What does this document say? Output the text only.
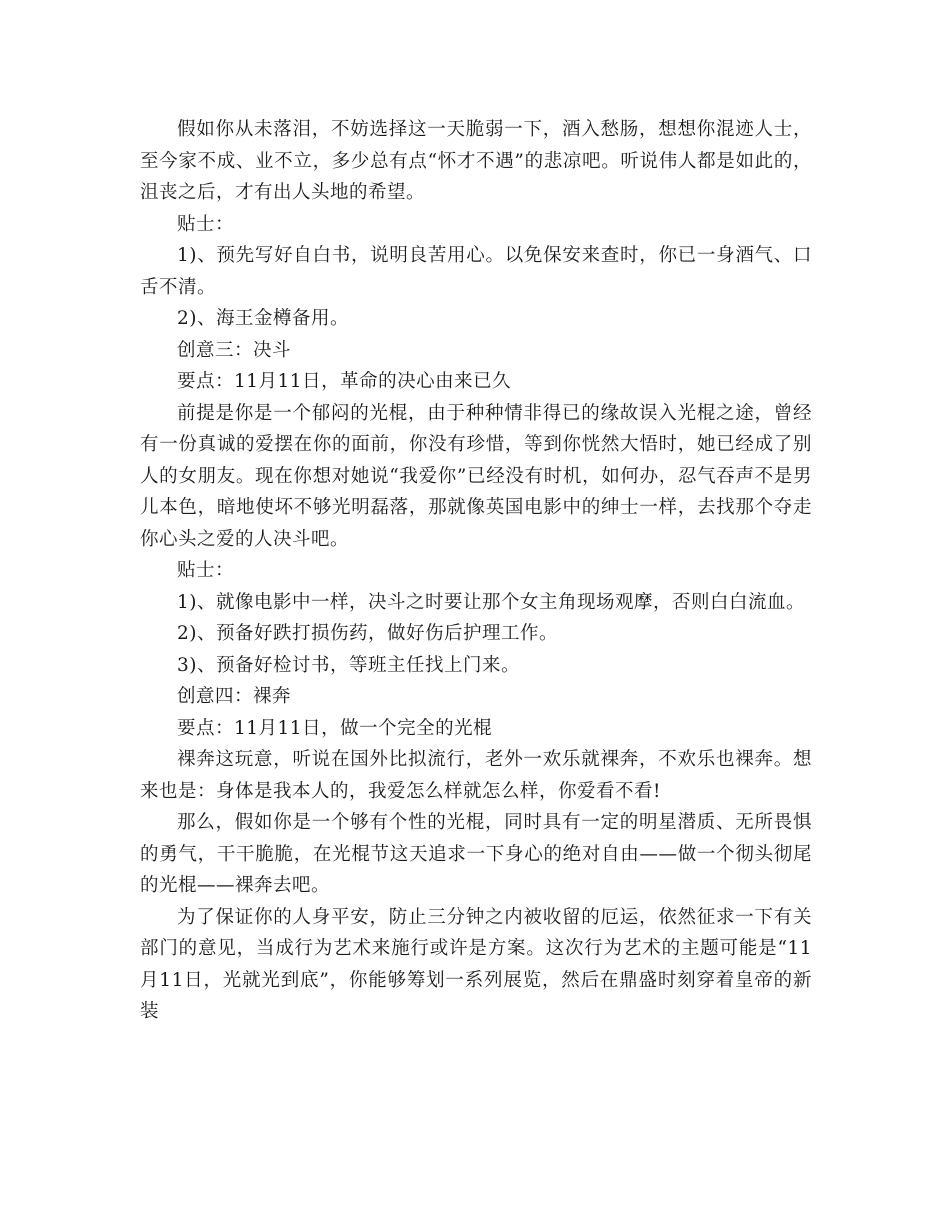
假如你从未落泪，不妨选择这一天脆弱一下，酒入愁肠，想想你混迹人士，至今家不成、业不立，多少总有点“怀才不遇”的悲凉吧。听说伟人都是如此的，沮丧之后，才有出人头地的希望。

贴士：

1)、预先写好自白书，说明良苦用心。以免保安来查时，你已一身酒气、口舌不清。

2)、海王金樽备用。

创意三：决斗

要点：11月11日，革命的决心由来已久

前提是你是一个郁闷的光棍，由于种种情非得已的缘故误入光棍之途，曾经有一份真诚的爱摆在你的面前，你没有珍惜，等到你恍然大悟时，她已经成了别人的女朋友。现在你想对她说“我爱你”已经没有时机，如何办，忍气吞声不是男儿本色，暗地使坏不够光明磊落，那就像英国电影中的绅士一样，去找那个夺走你心头之爱的人决斗吧。

贴士：

1)、就像电影中一样，决斗之时要让那个女主角现场观摩，否则白白流血。

2)、预备好跌打损伤药，做好伤后护理工作。

3)、预备好检讨书，等班主任找上门来。

创意四：裸奔

要点：11月11日，做一个完全的光棍

裸奔这玩意，听说在国外比拟流行，老外一欢乐就裸奔，不欢乐也裸奔。想来也是：身体是我本人的，我爱怎么样就怎么样，你爱看不看!

那么，假如你是一个够有个性的光棍，同时具有一定的明星潜质、无所畏惧的勇气，干干脆脆，在光棍节这天追求一下身心的绝对自由——做一个彻头彻尾的光棍——裸奔去吧。

为了保证你的人身平安，防止三分钟之内被收留的厄运，依然征求一下有关部门的意见，当成行为艺术来施行或许是方案。这次行为艺术的主题可能是“11月11日，光就光到底”，你能够筹划一系列展览，然后在鼎盛时刻穿着皇帝的新装
